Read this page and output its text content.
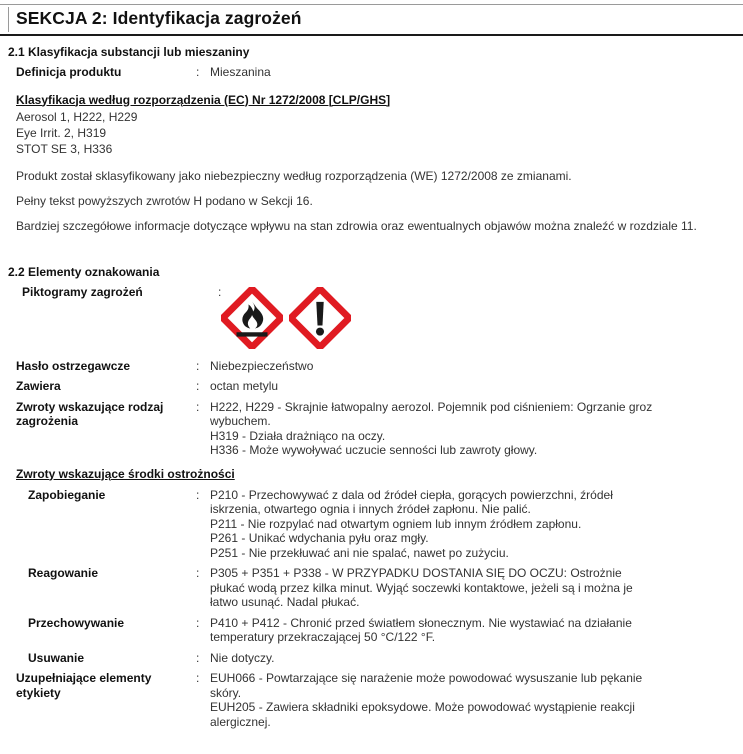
SEKCJA 2: Identyfikacja zagrożeń
2.1 Klasyfikacja substancji lub mieszaniny
Definicja produktu	: Mieszanina
Klasyfikacja według rozporządzenia (EC) Nr 1272/2008 [CLP/GHS]
Aerosol 1, H222, H229
Eye Irrit. 2, H319
STOT SE 3, H336
Produkt został sklasyfikowany jako niebezpieczny według rozporządzenia (WE) 1272/2008 ze zmianami.
Pełny tekst powyższych zwrotów H podano w Sekcji 16.
Bardziej szczegółowe informacje dotyczące wpływu na stan zdrowia oraz ewentualnych objawów można znaleźć w rozdziale 11.
2.2 Elementy oznakowania
Piktogramy zagrożeń	:
Hasło ostrzegawcze	: Niebezpieczeństwo
Zawiera	: octan metylu
Zwroty wskazujące rodzaj
zagrożenia
: H222, H229 - Skrajnie łatwopalny aerozol. Pojemnik pod ciśnieniem: Ogrzanie groz
wybuchem.
H319 - Działa drażniąco na oczy.
H336 - Może wywoływać uczucie senności lub zawroty głowy.
Zwroty wskazujące środki ostrożności
Zapobieganie	: P210 - Przechowywać z dala od źródeł ciepła, gorących powierzchni, źródeł
iskrzenia, otwartego ognia i innych źródeł zapłonu. Nie palić.
P211 - Nie rozpylać nad otwartym ogniem lub innym źródłem zapłonu.
P261 - Unikać wdychania pyłu oraz mgły.
P251 - Nie przekłuwać ani nie spalać, nawet po zużyciu.
Reagowanie	: P305 + P351 + P338 - W PRZYPADKU DOSTANIA SIĘ DO OCZU: Ostrożnie
płukać wodą przez kilka minut. Wyjąć soczewki kontaktowe, jeżeli są i można je
łatwo usunąć. Nadal płukać.
Przechowywanie	: P410 + P412 - Chronić przed światłem słonecznym. Nie wystawiać na działanie
temperatury przekraczającej 50 °C/122 °F.
Usuwanie	: Nie dotyczy.
Uzupełniające elementy
etykiety
: EUH066 - Powtarzające się narażenie może powodować wysuszanie lub pękanie
skóry.
EUH205 - Zawiera składniki epoksydowe. Może powodować wystąpienie reakcji
alergicznej.
